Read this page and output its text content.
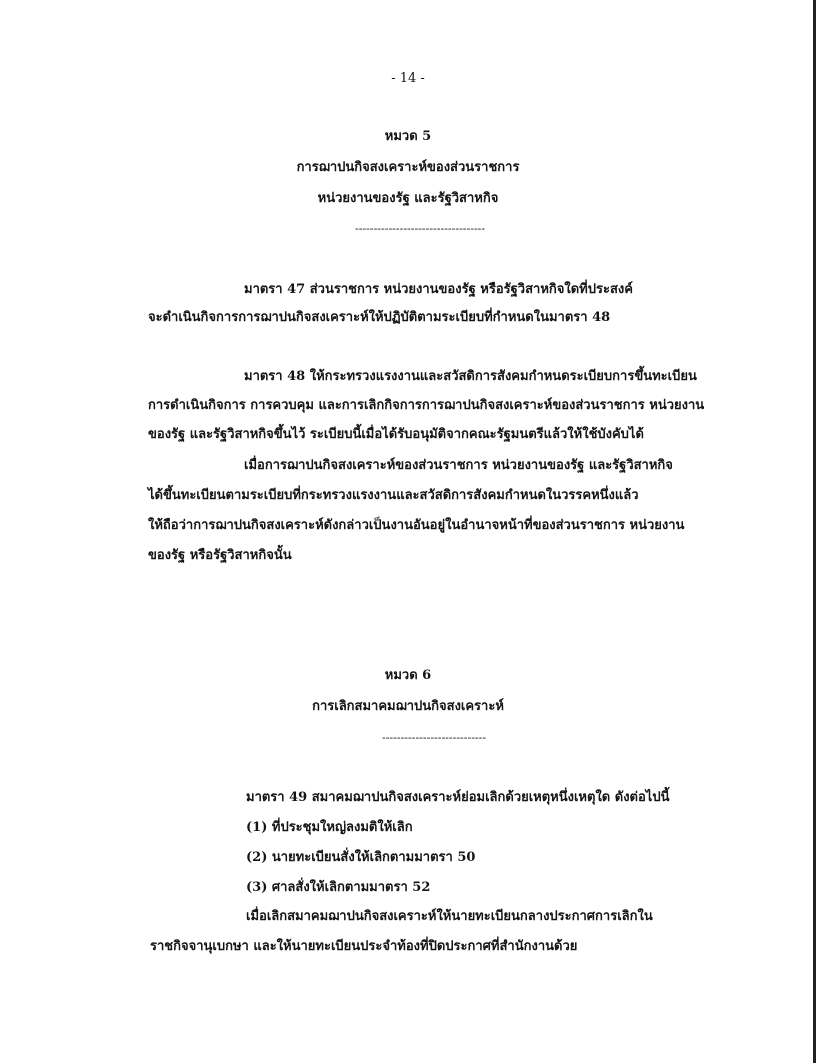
- 14 -
หมวด 5
การฌาปนกิจสงเคราะห์ของส่วนราชการ
หน่วยงานของรัฐ และรัฐวิสาหกิจ
-----------------------------------
มาตรา 47 ส่วนราชการ หน่วยงานของรัฐ หรือรัฐวิสาหกิจใดที่ประสงค์
จะดำเนินกิจการการฌาปนกิจสงเคราะห์ให้ปฏิบัติตามระเบียบที่กำหนดในมาตรา 48
มาตรา 48 ให้กระทรวงแรงงานและสวัสดิการสังคมกำหนดระเบียบการขึ้นทะเบียน
การดำเนินกิจการ การควบคุม และการเลิกกิจการการฌาปนกิจสงเคราะห์ของส่วนราชการ หน่วยงาน
ของรัฐ และรัฐวิสาหกิจขึ้นไว้ ระเบียบนี้เมื่อได้รับอนุมัติจากคณะรัฐมนตรีแล้วให้ใช้บังคับได้
เมื่อการฌาปนกิจสงเคราะห์ของส่วนราชการ หน่วยงานของรัฐ และรัฐวิสาหกิจ
ได้ขึ้นทะเบียนตามระเบียบที่กระทรวงแรงงานและสวัสดิการสังคมกำหนดในวรรคหนึ่งแล้ว
ให้ถือว่าการฌาปนกิจสงเคราะห์ดังกล่าวเป็นงานอันอยู่ในอำนาจหน้าที่ของส่วนราชการ หน่วยงาน
ของรัฐ หรือรัฐวิสาหกิจนั้น
หมวด 6
การเลิกสมาคมฌาปนกิจสงเคราะห์
----------------------------
มาตรา 49 สมาคมฌาปนกิจสงเคราะห์ย่อมเลิกด้วยเหตุหนึ่งเหตุใด ดังต่อไปนี้
(1) ที่ประชุมใหญ่ลงมติให้เลิก
(2) นายทะเบียนสั่งให้เลิกตามมาตรา 50
(3) ศาลสั่งให้เลิกตามมาตรา 52
เมื่อเลิกสมาคมฌาปนกิจสงเคราะห์ให้นายทะเบียนกลางประกาศการเลิกใน
ราชกิจจานุเบกษา และให้นายทะเบียนประจำท้องที่ปิดประกาศที่สำนักงานด้วย
